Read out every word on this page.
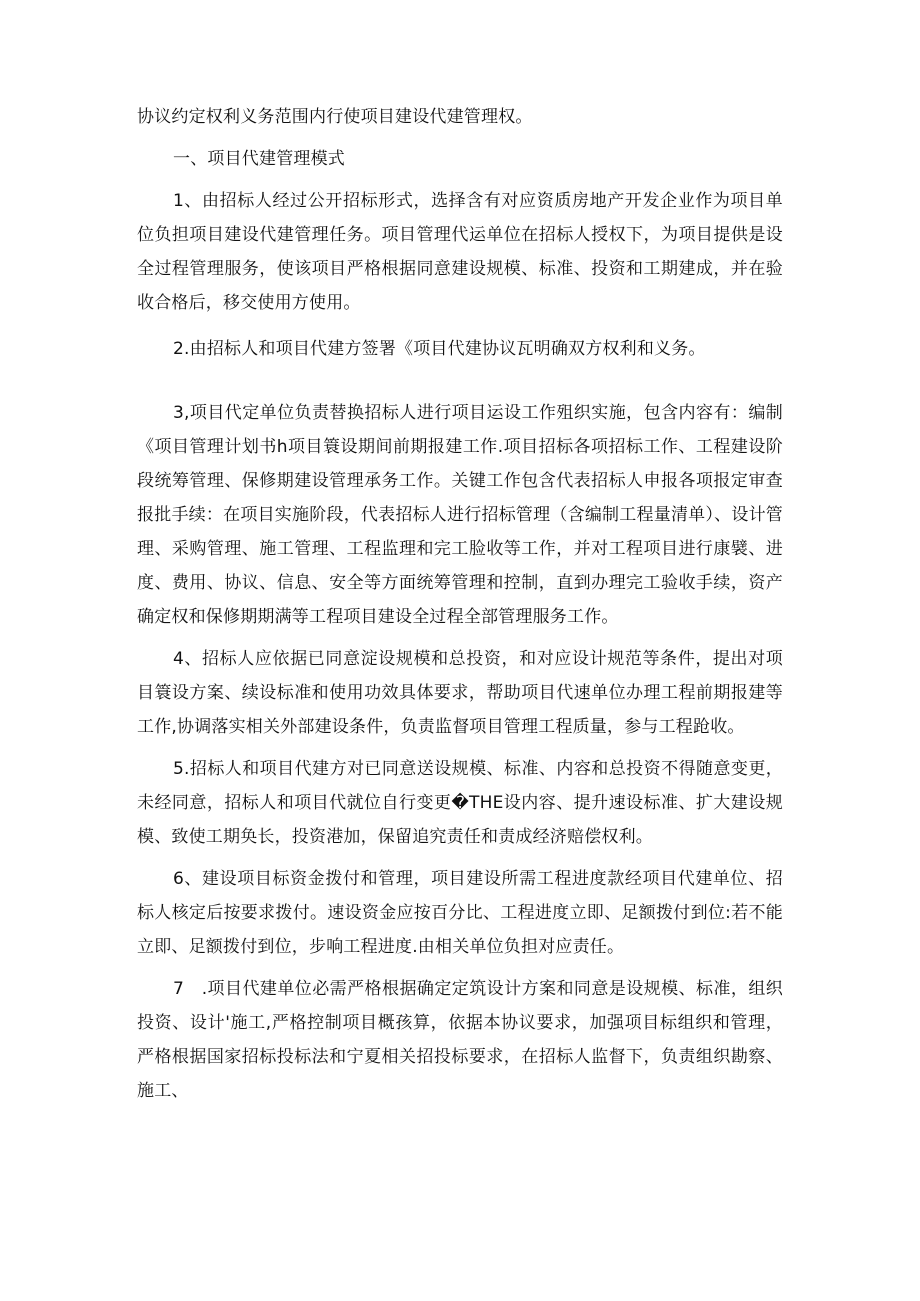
协议约定权利义务范围内行使项目建设代建管理权。

一、项目代建管理模式

1、由招标人经过公开招标形式，选择含有对应资质房地产开发企业作为项目单位负担项目建设代建管理任务。项目管理代运单位在招标人授权下，为项目提供是设全过程管理服务，使该项目严格根据同意建设规模、标准、投资和工期建成，并在验收合格后，移交使用方使用。

2.由招标人和项目代建方签署《项目代建协议瓦明确双方权利和义务。

3,项目代定单位负责替换招标人进行项目运设工作殂织实施，包含内容有：编制《项目管理计划书h项目簑设期间前期报建工作.项目招标各项招标工作、工程建设阶段统筹管理、保修期建设管理承务工作。关键工作包含代表招标人申报各项报定审查报批手续：在项目实施阶段，代表招标人进行招标管理（含编制工程量清单）、设计管理、采购管理、施工管理、工程监理和完工脸收等工作，并对工程项目进行康襞、进度、费用、协议、信息、安全等方面统筹管理和控制，直到办理完工验收手续，资产确定权和保修期期满等工程项目建设全过程全部管理服务工作。

4、招标人应依据已同意淀设规模和总投资，和对应设计规范等条件，提出对项目簑设方案、续设标准和使用功效具体要求，帮助项目代速单位办理工程前期报建等工作,协调落实相关外部建设条件，负责监督项目管理工程质量，参与工程跄收。

5.招标人和项目代建方对已同意送设规模、标准、内容和总投资不得随意变更，未经同意，招标人和项目代就位自行变更�THE设内容、提升速设标准、扩大建设规模、致使工期奂长，投资港加，保留追究责任和责成经济赔偿权利。

6、建设项目标资金拨付和管理，项目建设所需工程进度款经项目代建单位、招标人核定后按要求拨付。速设资金应按百分比、工程进度立即、足额拨付到位:若不能立即、足额拨付到位，步响工程进度.由相关单位负担对应责任。

7　.项目代建单位必需严格根据确定定筑设计方案和同意是设规模、标准，组织投资、设计'施工,严格控制项目概孩算，依据本协议要求，加强项目标组织和管理，严格根据国家招标投标法和宁夏相关招投标要求，在招标人监督下，负责组织勘察、施工、
